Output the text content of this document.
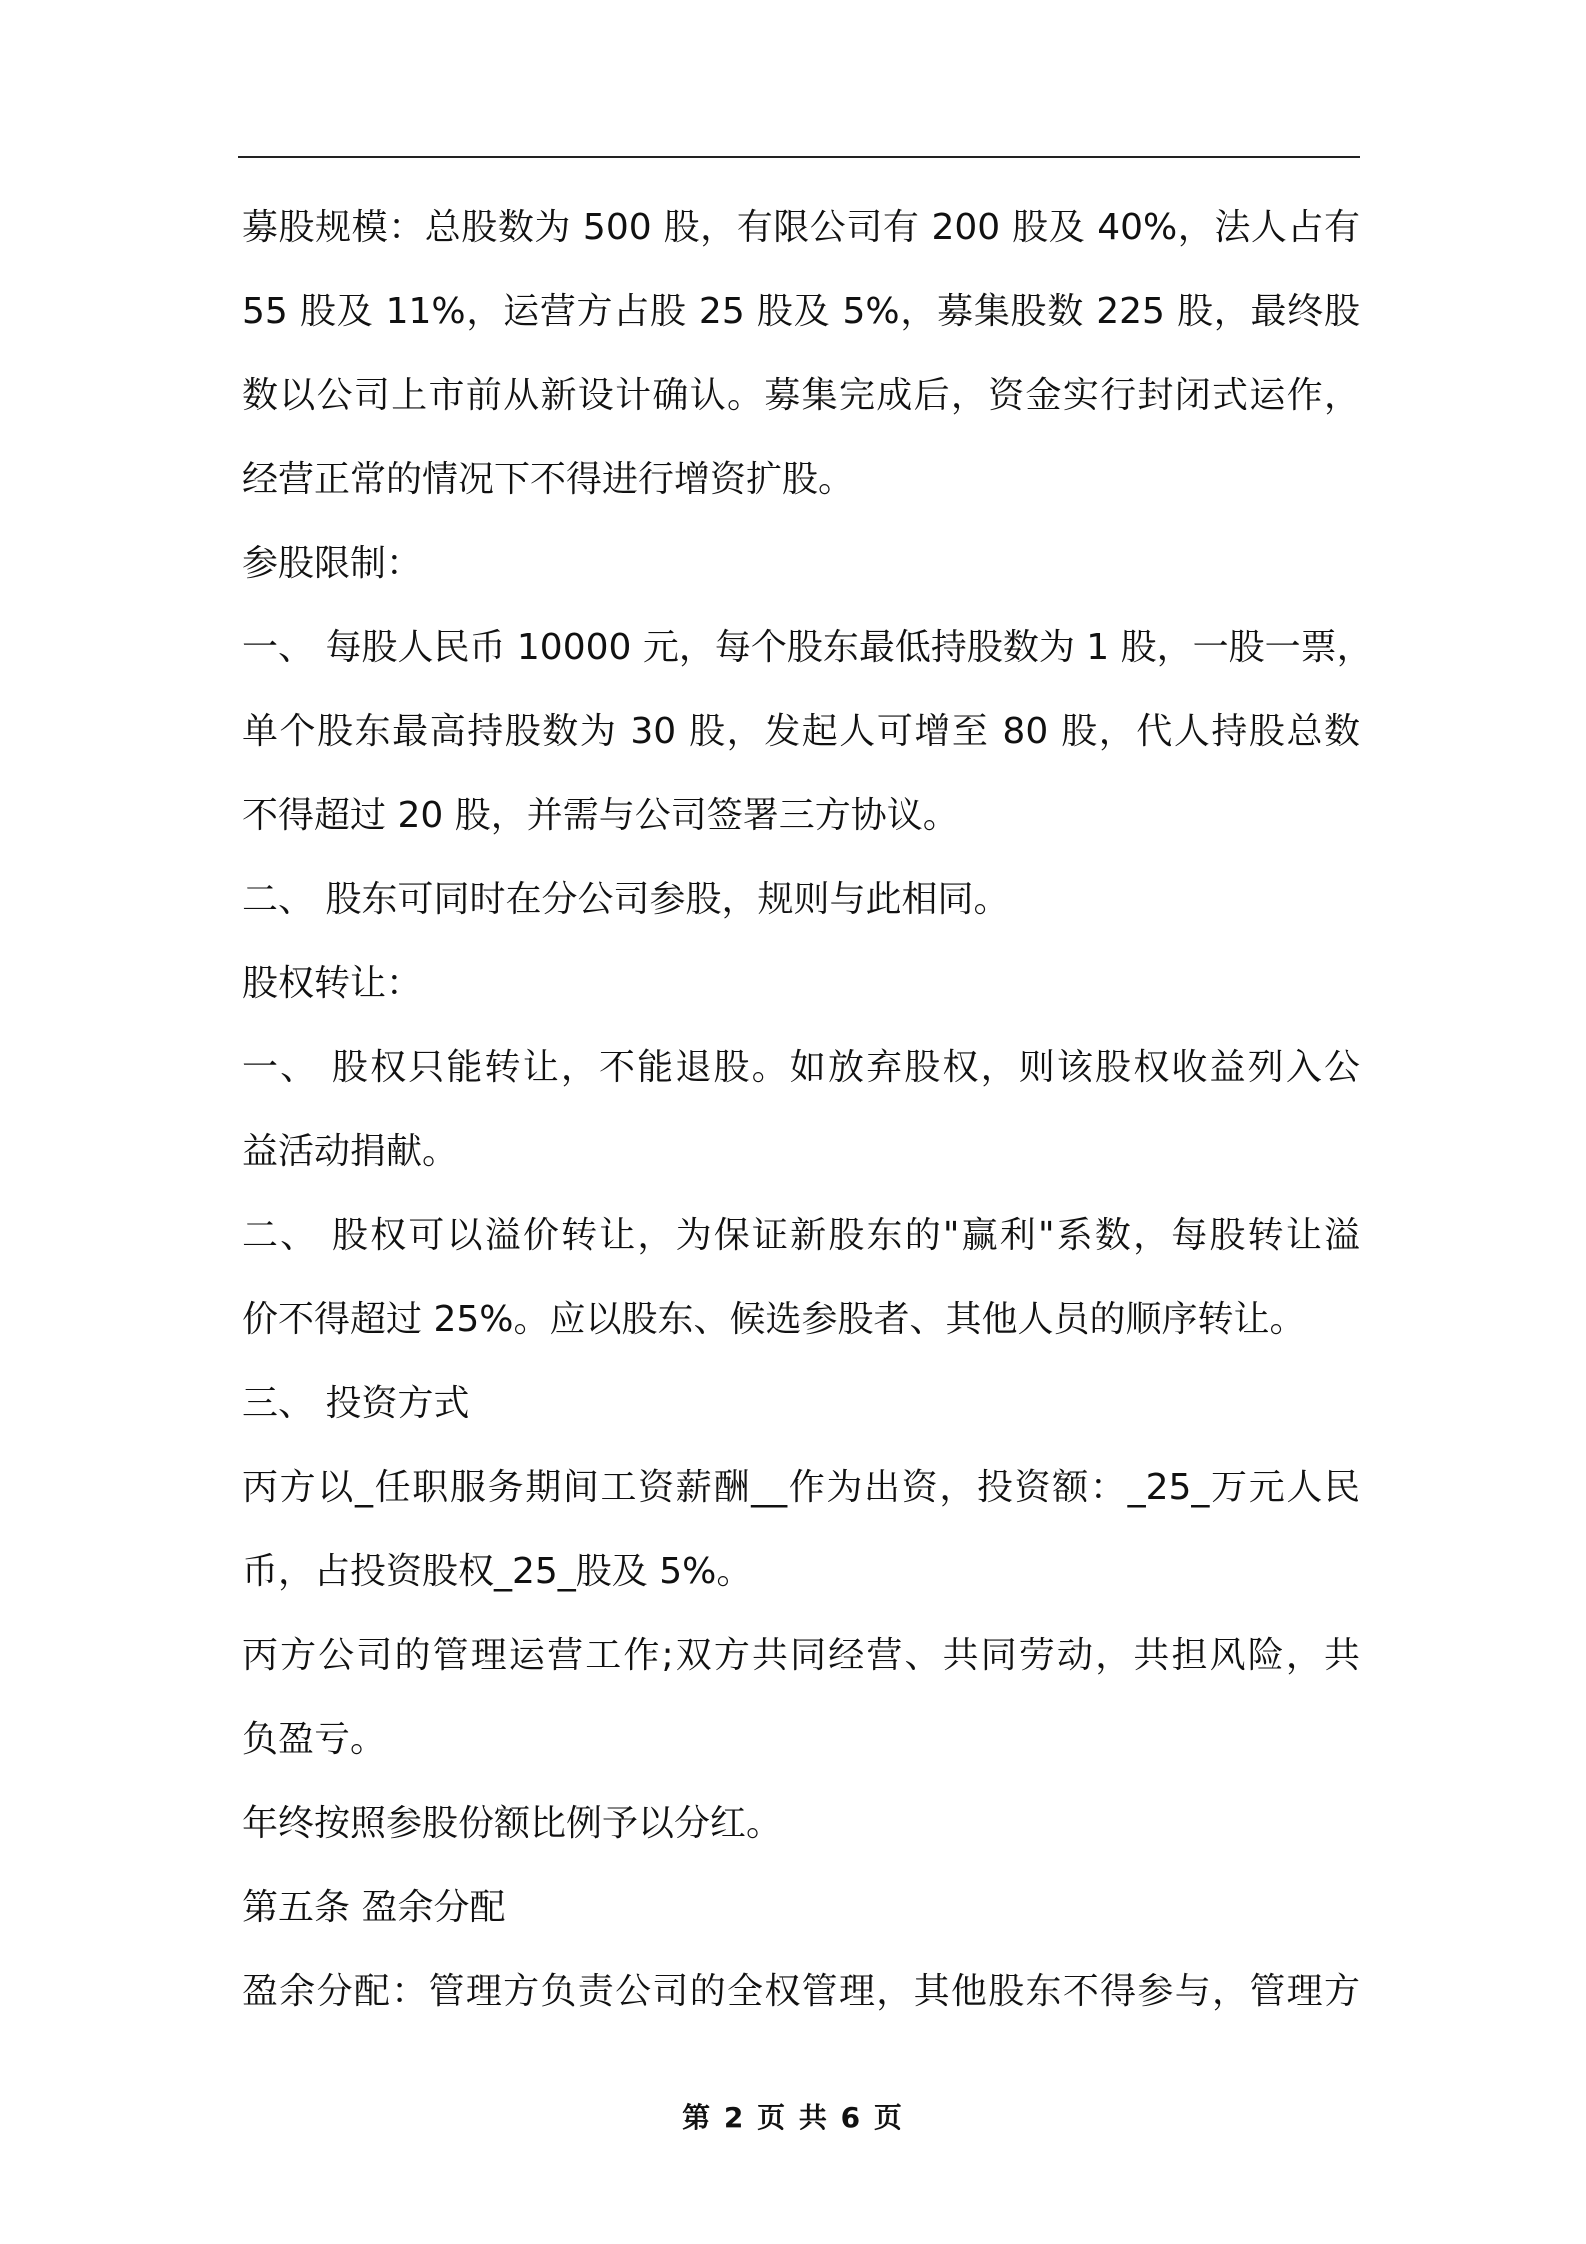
募股规模：总股数为 500 股，有限公司有 200 股及 40%，法人占有
55 股及 11%，运营方占股 25 股及 5%，募集股数 225 股，最终股
数以公司上市前从新设计确认。募集完成后，资金实行封闭式运作，
经营正常的情况下不得进行增资扩股。
参股限制：
一、 每股人民币 10000 元，每个股东最低持股数为 1 股，一股一票，
单个股东最高持股数为 30 股，发起人可增至 80 股，代人持股总数
不得超过 20 股，并需与公司签署三方协议。
二、 股东可同时在分公司参股，规则与此相同。
股权转让：
一、 股权只能转让，不能退股。如放弃股权，则该股权收益列入公
益活动捐献。
二、 股权可以溢价转让，为保证新股东的"赢利"系数，每股转让溢
价不得超过 25%。应以股东、候选参股者、其他人员的顺序转让。
三、 投资方式
丙方以_任职服务期间工资薪酬__作为出资，投资额：_25_万元人民
币，占投资股权_25_股及 5%。
丙方公司的管理运营工作;双方共同经营、共同劳动，共担风险，共
负盈亏。
年终按照参股份额比例予以分红。
第五条 盈余分配
盈余分配：管理方负责公司的全权管理，其他股东不得参与，管理方
第 2 页 共 6 页
